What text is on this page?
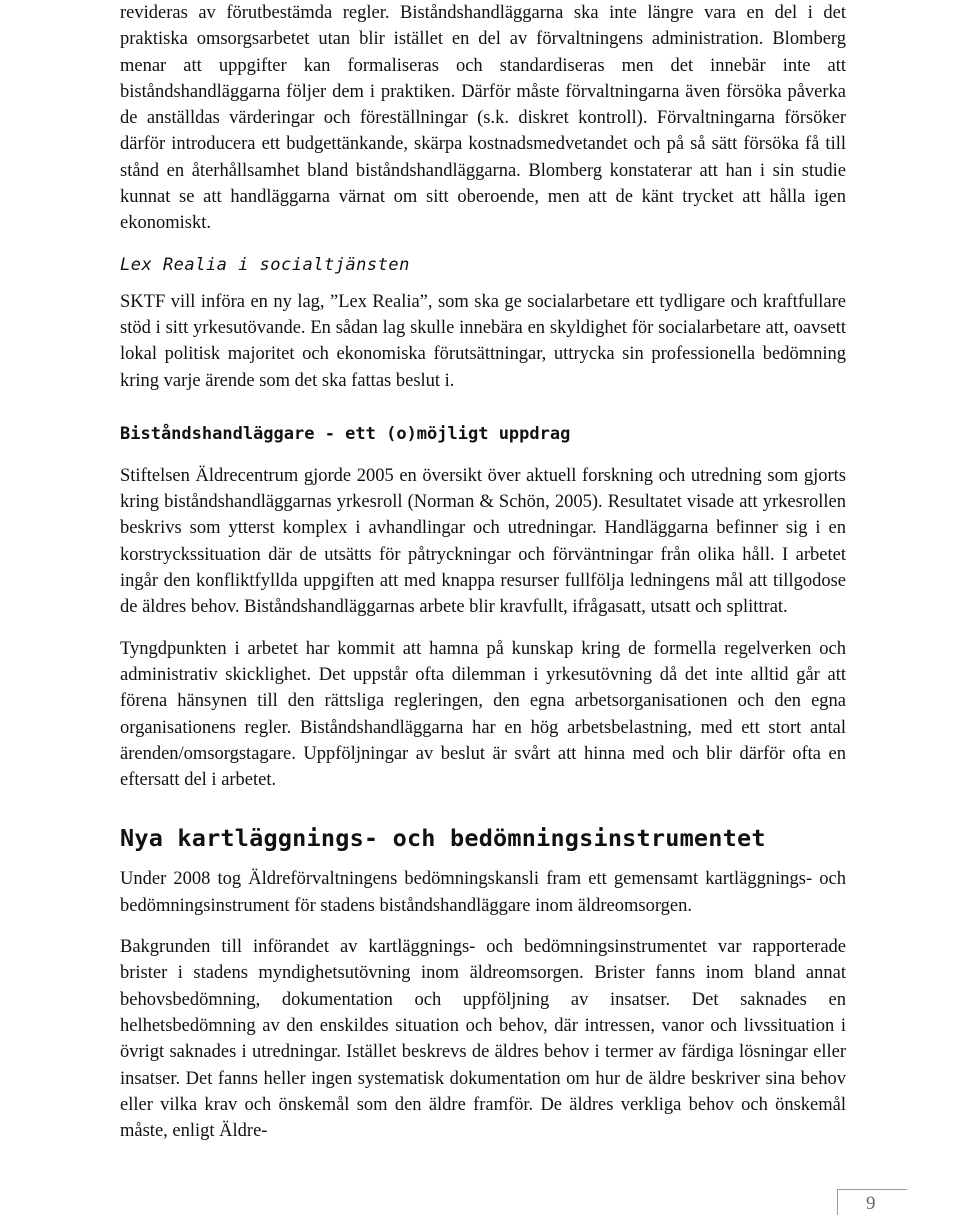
revideras av förutbestämda regler. Biståndshandläggarna ska inte längre vara en del i det praktiska omsorgsarbetet utan blir istället en del av förvaltningens administration. Blomberg menar att uppgifter kan formaliseras och standardiseras men det innebär inte att biståndshandläggarna följer dem i praktiken. Därför måste förvaltningarna även försöka påverka de anställdas värderingar och föreställningar (s.k. diskret kontroll). Förvaltningarna försöker därför introducera ett budgettänkande, skärpa kostnadsmedvetandet och på så sätt försöka få till stånd en återhållsamhet bland biståndshandläggarna. Blomberg konstaterar att han i sin studie kunnat se att handläggarna värnat om sitt oberoende, men att de känt trycket att hålla igen ekonomiskt.

Lex Realia i socialtjänsten

SKTF vill införa en ny lag, ”Lex Realia”, som ska ge socialarbetare ett tydligare och kraftfullare stöd i sitt yrkesutövande. En sådan lag skulle innebära en skyldighet för socialarbetare att, oavsett lokal politisk majoritet och ekonomiska förutsättningar, uttrycka sin professionella bedömning kring varje ärende som det ska fattas beslut i.

Biståndshandläggare - ett (o)möjligt uppdrag

Stiftelsen Äldrecentrum gjorde 2005 en översikt över aktuell forskning och utredning som gjorts kring biståndshandläggarnas yrkesroll (Norman & Schön, 2005). Resultatet visade att yrkesrollen beskrivs som ytterst komplex i avhandlingar och utredningar. Handläggarna befinner sig i en korstryckssituation där de utsätts för påtryckningar och förväntningar från olika håll. I arbetet ingår den konfliktfyllda uppgiften att med knappa resurser fullfölja ledningens mål att tillgodose de äldres behov. Biståndshandläggarnas arbete blir kravfullt, ifrågasatt, utsatt och splittrat.

Tyngdpunkten i arbetet har kommit att hamna på kunskap kring de formella regelverken och administrativ skicklighet. Det uppstår ofta dilemman i yrkesutövning då det inte alltid går att förena hänsynen till den rättsliga regleringen, den egna arbetsorganisationen och den egna organisationens regler. Biståndshandläggarna har en hög arbetsbelastning, med ett stort antal ärenden/omsorgstagare. Uppföljningar av beslut är svårt att hinna med och blir därför ofta en eftersatt del i arbetet.

Nya kartläggnings- och bedömningsinstrumentet

Under 2008 tog Äldreförvaltningens bedömningskansli fram ett gemensamt kartläggnings- och bedömningsinstrument för stadens biståndshandläggare inom äldreomsorgen.

Bakgrunden till införandet av kartläggnings- och bedömningsinstrumentet var rapporterade brister i stadens myndighetsutövning inom äldreomsorgen. Brister fanns inom bland annat behovsbedömning, dokumentation och uppföljning av insatser. Det saknades en helhetsbedömning av den enskildes situation och behov, där intressen, vanor och livssituation i övrigt saknades i utredningar. Istället beskrevs de äldres behov i termer av färdiga lösningar eller insatser. Det fanns heller ingen systematisk dokumentation om hur de äldre beskriver sina behov eller vilka krav och önskemål som den äldre framför. De äldres verkliga behov och önskemål måste, enligt Äldre-

9
